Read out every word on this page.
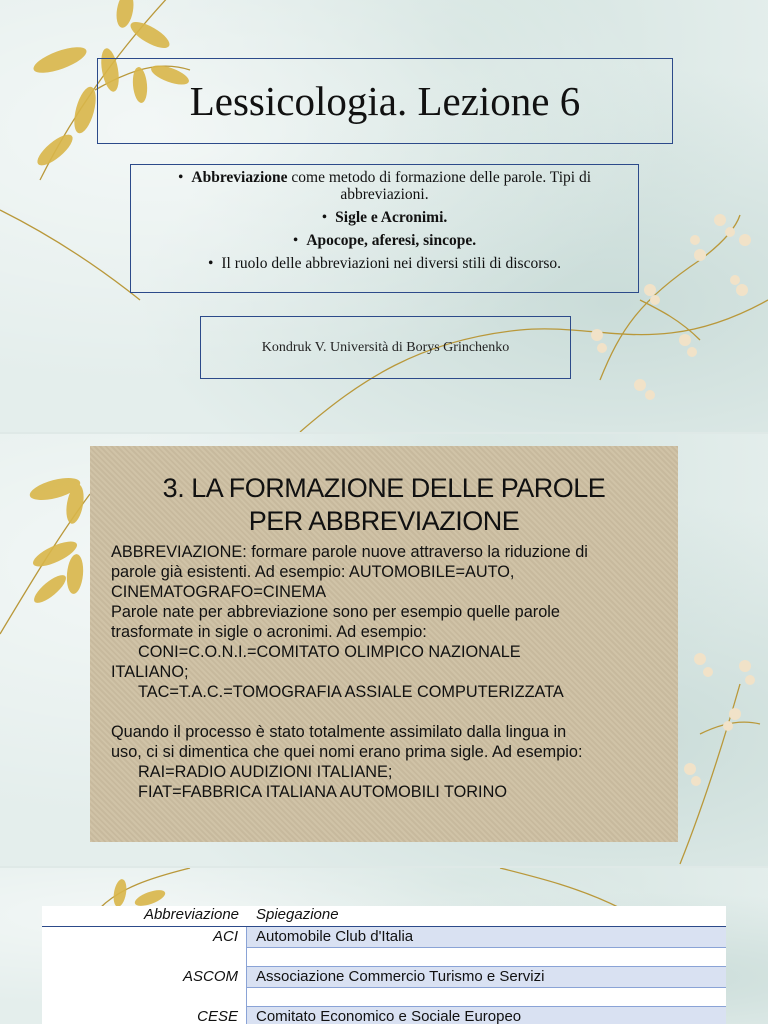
Lessicologia. Lezione 6
• Abbreviazione come metodo di formazione delle parole. Tipi di abbreviazioni.
• Sigle e Acronimi.
• Apocope, aferesi, sincope.
• Il ruolo delle abbreviazioni nei diversi stili di discorso.
Kondruk V. Università di Borys Grinchenko
3. LA FORMAZIONE DELLE PAROLE
PER ABBREVIAZIONE

ABBREVIAZIONE: formare parole nuove attraverso la riduzione di

parole già esistenti. Ad esempio: AUTOMOBILE=AUTO,

CINEMATOGRAFO=CINEMA

Parole nate per abbreviazione sono per esempio quelle parole

trasformate in sigle o acronimi. Ad esempio:

CONI=C.O.N.I.=COMITATO OLIMPICO NAZIONALE

ITALIANO;

TAC=T.A.C.=TOMOGRAFIA ASSIALE COMPUTERIZZATA

Quando il processo è stato totalmente assimilato dalla lingua in

uso, ci si dimentica che quei nomi erano prima sigle. Ad esempio:

RAI=RADIO AUDIZIONI ITALIANE;

FIAT=FABBRICA ITALIANA AUTOMOBILI TORINO

Abbreviazione	Spiegazione
ACI	Automobile Club d'Italia
ASCOM	Associazione Commercio Turismo e Servizi
CESE	Comitato Economico e Sociale Europeo
